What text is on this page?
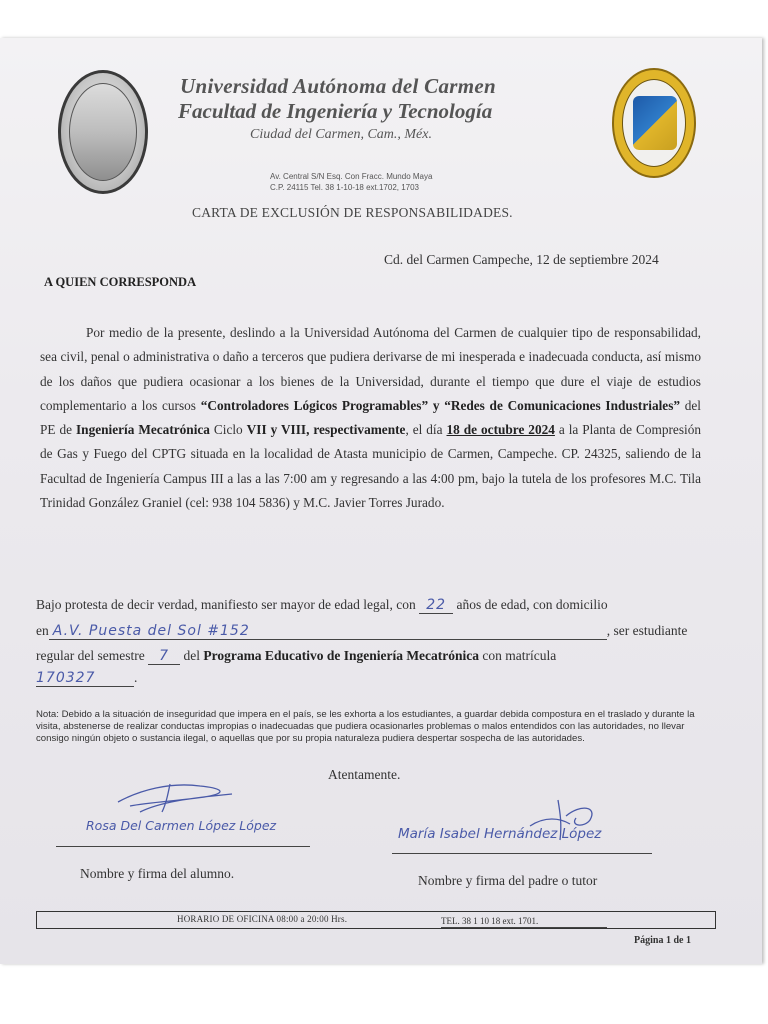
Universidad Autónoma del Carmen
Facultad de Ingeniería y Tecnología
Ciudad del Carmen, Cam., Méx.
Av. Central S/N Esq. Con Fracc. Mundo Maya
C.P. 24115 Tel. 38 1-10-18 ext.1702, 1703
CARTA DE EXCLUSIÓN DE RESPONSABILIDADES.
Cd. del Carmen Campeche, 12 de septiembre 2024
A QUIEN CORRESPONDA
Por medio de la presente, deslindo a la Universidad Autónoma del Carmen de cualquier tipo de responsabilidad, sea civil, penal o administrativa o daño a terceros que pudiera derivarse de mi inesperada e inadecuada conducta, así mismo de los daños que pudiera ocasionar a los bienes de la Universidad, durante el tiempo que dure el viaje de estudios complementario a los cursos “Controladores Lógicos Programables” y “Redes de Comunicaciones Industriales” del PE de Ingeniería Mecatrónica Ciclo VII y VIII, respectivamente, el día 18 de octubre 2024 a la Planta de Compresión de Gas y Fuego del CPTG situada en la localidad de Atasta municipio de Carmen, Campeche. CP. 24325, saliendo de la Facultad de Ingeniería Campus III a las a las 7:00 am y regresando a las 4:00 pm, bajo la tutela de los profesores M.C. Tila Trinidad González Graniel (cel: 938 104 5836) y M.C. Javier Torres Jurado.
Bajo protesta de decir verdad, manifiesto ser mayor de edad legal, con 22 años de edad, con domicilio
en A.V. Puesta del Sol #152	, ser estudiante
regular del semestre 7 del Programa Educativo de Ingeniería Mecatrónica con matrícula
170327	.
Nota: Debido a la situación de inseguridad que impera en el país, se les exhorta a los estudiantes, a guardar debida compostura en el traslado y durante la visita, abstenerse de realizar conductas impropias o inadecuadas que pudiera ocasionarles problemas o malos entendidos con las autoridades, no llevar consigo ningún objeto o sustancia ilegal, o aquellas que por su propia naturaleza pudiera despertar sospecha de las autoridades.
Atentamente.
Rosa Del Carmen López López
Nombre y firma del alumno.
María Isabel Hernández López
Nombre y firma del padre o tutor
HORARIO DE OFICINA 08:00 a 20:00 Hrs.	TEL. 38 1 10 18 ext. 1701.
Página 1 de 1
